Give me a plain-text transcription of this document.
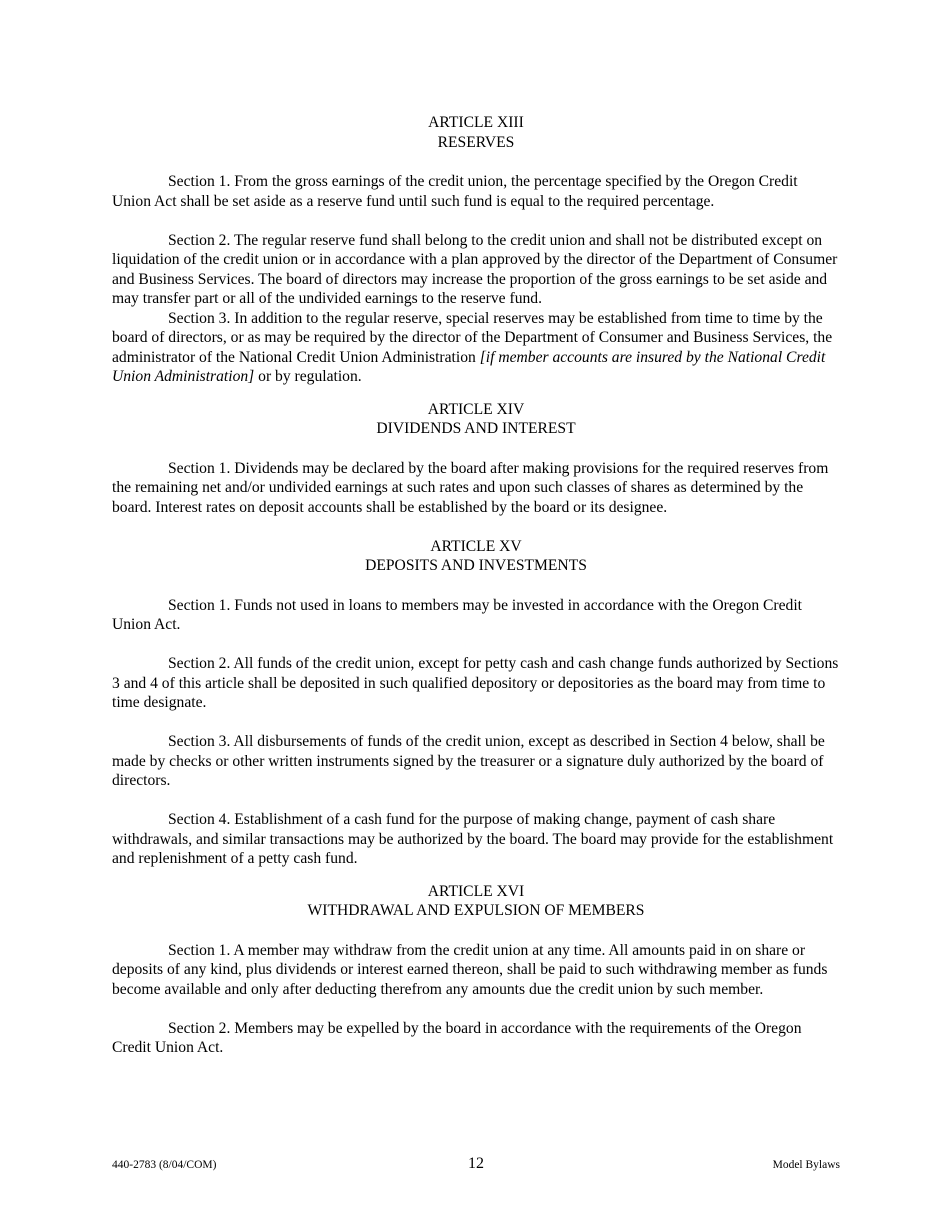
ARTICLE XIII
RESERVES

Section 1. From the gross earnings of the credit union, the percentage specified by the Oregon Credit Union Act shall be set aside as a reserve fund until such fund is equal to the required percentage.

Section 2. The regular reserve fund shall belong to the credit union and shall not be distributed except on liquidation of the credit union or in accordance with a plan approved by the director of the Department of Consumer and Business Services. The board of directors may increase the proportion of the gross earnings to be set aside and may transfer part or all of the undivided earnings to the reserve fund.

Section 3. In addition to the regular reserve, special reserves may be established from time to time by the board of directors, or as may be required by the director of the Department of Consumer and Business Services, the administrator of the National Credit Union Administration [if member accounts are insured by the National Credit Union Administration] or by regulation.

ARTICLE XIV
DIVIDENDS AND INTEREST

Section 1. Dividends may be declared by the board after making provisions for the required reserves from the remaining net and/or undivided earnings at such rates and upon such classes of shares as determined by the board. Interest rates on deposit accounts shall be established by the board or its designee.

ARTICLE XV
DEPOSITS AND INVESTMENTS

Section 1. Funds not used in loans to members may be invested in accordance with the Oregon Credit Union Act.

Section 2. All funds of the credit union, except for petty cash and cash change funds authorized by Sections 3 and 4 of this article shall be deposited in such qualified depository or depositories as the board may from time to time designate.

Section 3. All disbursements of funds of the credit union, except as described in Section 4 below, shall be made by checks or other written instruments signed by the treasurer or a signature duly authorized by the board of directors.

Section 4. Establishment of a cash fund for the purpose of making change, payment of cash share withdrawals, and similar transactions may be authorized by the board. The board may provide for the establishment and replenishment of a petty cash fund.

ARTICLE XVI
WITHDRAWAL AND EXPULSION OF MEMBERS

Section 1. A member may withdraw from the credit union at any time. All amounts paid in on share or deposits of any kind, plus dividends or interest earned thereon, shall be paid to such withdrawing member as funds become available and only after deducting therefrom any amounts due the credit union by such member.

Section 2. Members may be expelled by the board in accordance with the requirements of the Oregon Credit Union Act.

440-2783 (8/04/COM)	12	Model Bylaws
